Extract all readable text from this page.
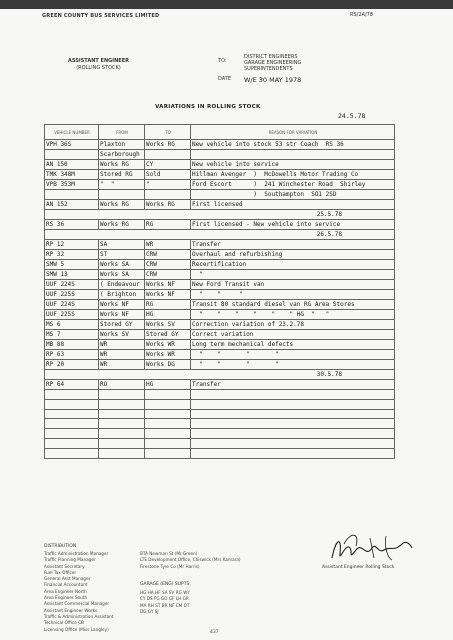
GREEN COUNTY BUS SERVICES LIMITED	RS/2A/78
ASSISTANT ENGINEER
(ROLLING STOCK)
TO:
DISTRICT ENGINEERS
GARAGE ENGINEERING
SUPERINTENDENTS
DATE W/E 30 MAY 1978
VARIATIONS IN ROLLING STOCK
24.5.78
VEHICLE NUMBER	FROM	TO	REASON FOR VARIATION
VPH 36S	Plaxton	Works RG	New vehicle into stock 53 str Coach  RS 36
	Scarborough		
AN 150	Works RG	CY	New vehicle into service
TMK 348M	Stored RG	Sold	Hillman Avenger  )  McDowells Motor Trading Co
VPB 353M	"  "	"	Ford Escort      )  241 Winchester Road  Shirley
			)  Southampton  SO1 2SD
AN 152	Works RG	Works RG	First licensed
25.5.78			
RS 36	Works RG	RG	First licensed - New vehicle into service
26.5.78			
RP 12	SA	WR	Transfer
RP 32	ST	CRW	Overhaul and refurbishing
SMW 5	Works SA	CRW	Recertification
SMW 13	Works SA	CRW	"
UUF 224S	( Endeavour	Works NF	New Ford Transit van
UUF 225S	( Brighton	Works NF	"    "     "
UUF 224S	Works NF	RG	Transit 80 standard diesel van RG Area Stores
UUF 225S	Works NF	HG	"    "    "    "    "    " HG  "   "
MS 6	Stored GY	Works SV	Correction variation of 23.2.78
MS 7	Works SV	Stored GY	Correct variation
MB 88	WR	Works WR	Long term mechanical defects
RP 63	WR	Works WR	"    "       "       "
RP 20	WR	Works DG	"    "       "       "
30.5.78			
RP 64	RO	HG	Transfer

DISTRIBUTION
Traffic Administration Manager
Traffic Planning Manager
Assistant Secretary
Fuel Tax Officer
General Asst Manager
Financial Accountant
Area Engineer North
Area Engineer South
Assistant Commercial Manager
Assistant Engineer Works
Traffic & Administration Assistant
Technical Office CB
Licensing Office (Miss Langley)
BTA Newman St (Mr Green)
LTE Development Office, Chiswick (Mrs Kamara)
Firestone Tyre Co (Mr Harris)
GARAGE (ENG) SUPTS.
HG HA HF SA SV RG WY
CY DS FG GO GF LH GR
MA RH ST BR NF CM DT
DG GY SJ
Assistant Engineer Rolling Stock
437
